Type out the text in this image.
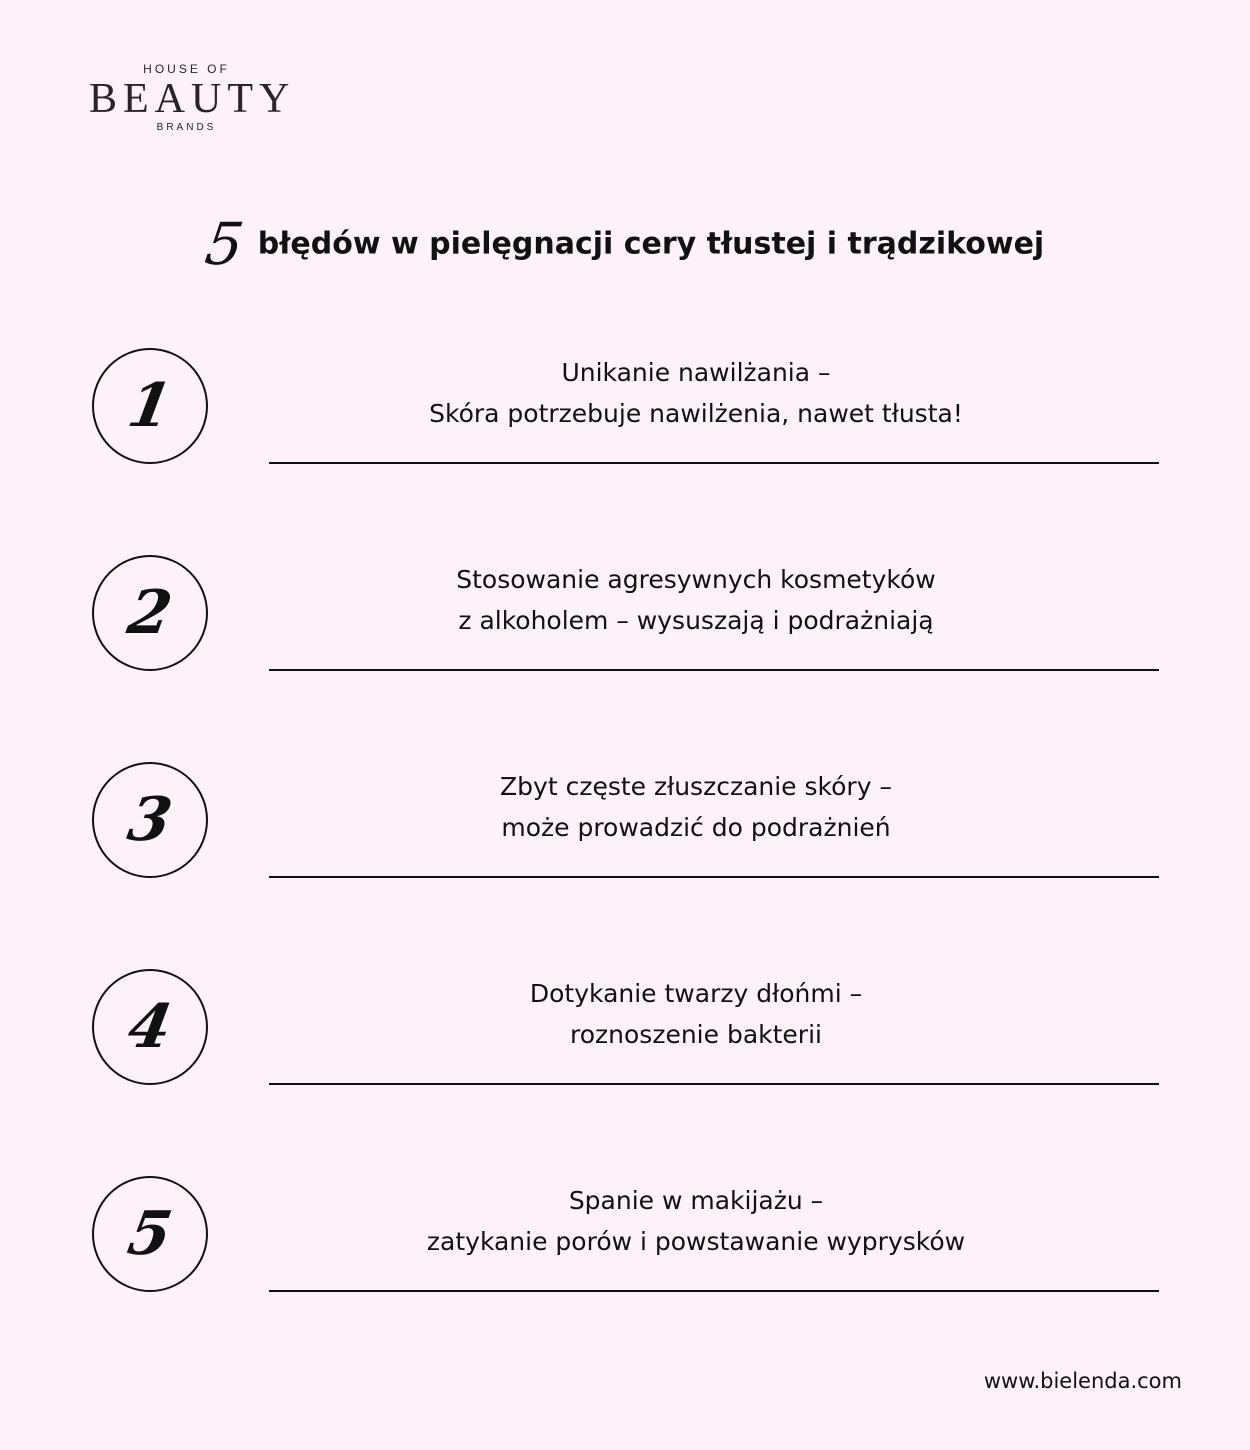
HOUSE OF
BEAUTY
BRANDS
5 błędów w pielęgnacji cery tłustej i trądzikowej
1	Unikanie nawilżania –
Skóra potrzebuje nawilżenia, nawet tłusta!
2	Stosowanie agresywnych kosmetyków
z alkoholem – wysuszają i podrażniają
3	Zbyt częste złuszczanie skóry –
może prowadzić do podrażnień
4	Dotykanie twarzy dłońmi –
roznoszenie bakterii
5	Spanie w makijażu –
zatykanie porów i powstawanie wyprysków
www.bielenda.com
